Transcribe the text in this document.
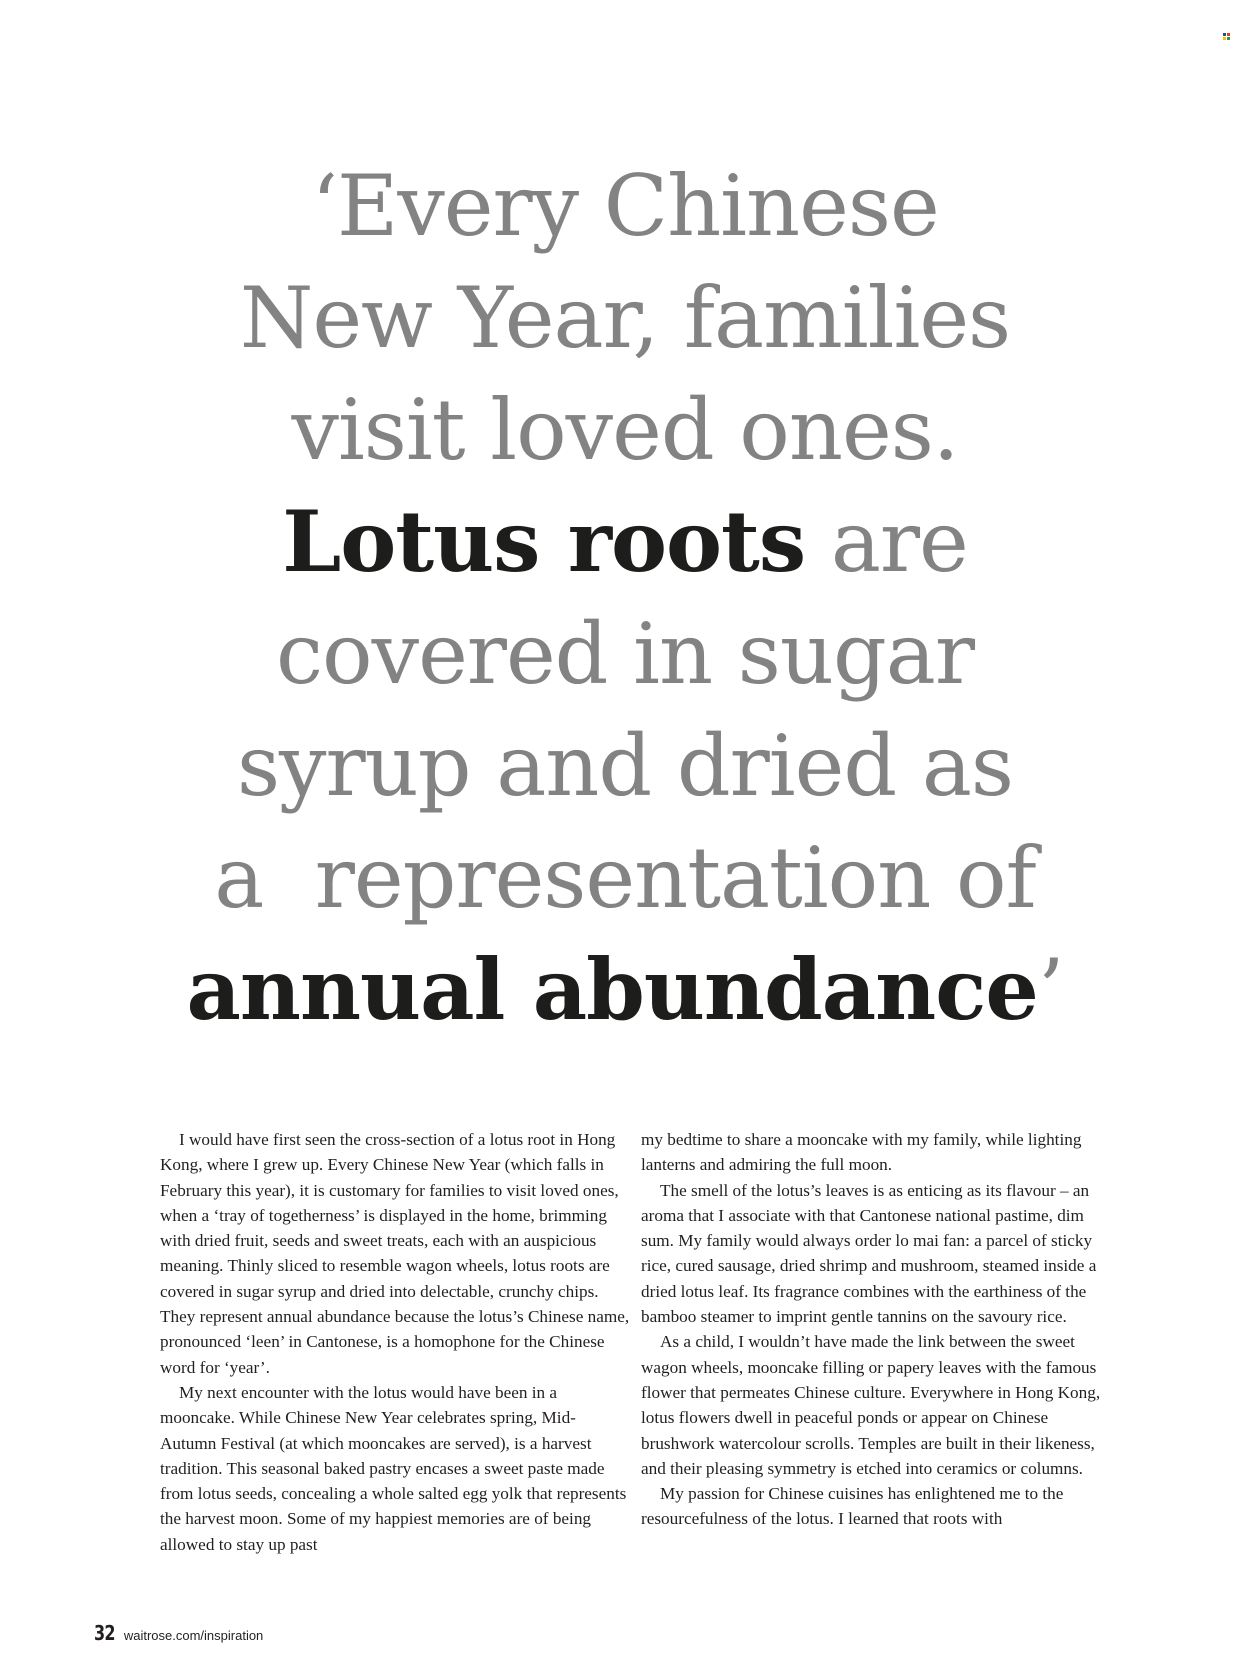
‘Every Chinese
New Year, families
visit loved ones.
Lotus roots are
covered in sugar
syrup and dried as
a  representation of
annual abundance’

I would have first seen the cross-section of a lotus root in Hong Kong, where I grew up. Every Chinese New Year (which falls in February this year), it is customary for families to visit loved ones, when a ‘tray of togetherness’ is displayed in the home, brimming with dried fruit, seeds and sweet treats, each with an auspicious meaning. Thinly sliced to resemble wagon wheels, lotus roots are covered in sugar syrup and dried into delectable, crunchy chips. They represent annual abundance because the lotus’s Chinese name, pronounced ‘leen’ in Cantonese, is a homophone for the Chinese word for ‘year’.

My next encounter with the lotus would have been in a mooncake. While Chinese New Year celebrates spring, Mid-Autumn Festival (at which mooncakes are served), is a harvest tradition. This seasonal baked pastry encases a sweet paste made from lotus seeds, concealing a whole salted egg yolk that represents the harvest moon. Some of my happiest memories are of being allowed to stay up past

my bedtime to share a mooncake with my family, while lighting lanterns and admiring the full moon.

The smell of the lotus’s leaves is as enticing as its flavour – an aroma that I associate with that Cantonese national pastime, dim sum. My family would always order lo mai fan: a parcel of sticky rice, cured sausage, dried shrimp and mushroom, steamed inside a dried lotus leaf. Its fragrance combines with the earthiness of the bamboo steamer to imprint gentle tannins on the savoury rice.

As a child, I wouldn’t have made the link between the sweet wagon wheels, mooncake filling or papery leaves with the famous flower that permeates Chinese culture. Everywhere in Hong Kong, lotus flowers dwell in peaceful ponds or appear on Chinese brushwork watercolour scrolls. Temples are built in their likeness, and their pleasing symmetry is etched into ceramics or columns.

My passion for Chinese cuisines has enlightened me to the resourcefulness of the lotus. I learned that roots with

32 waitrose.com/inspiration
